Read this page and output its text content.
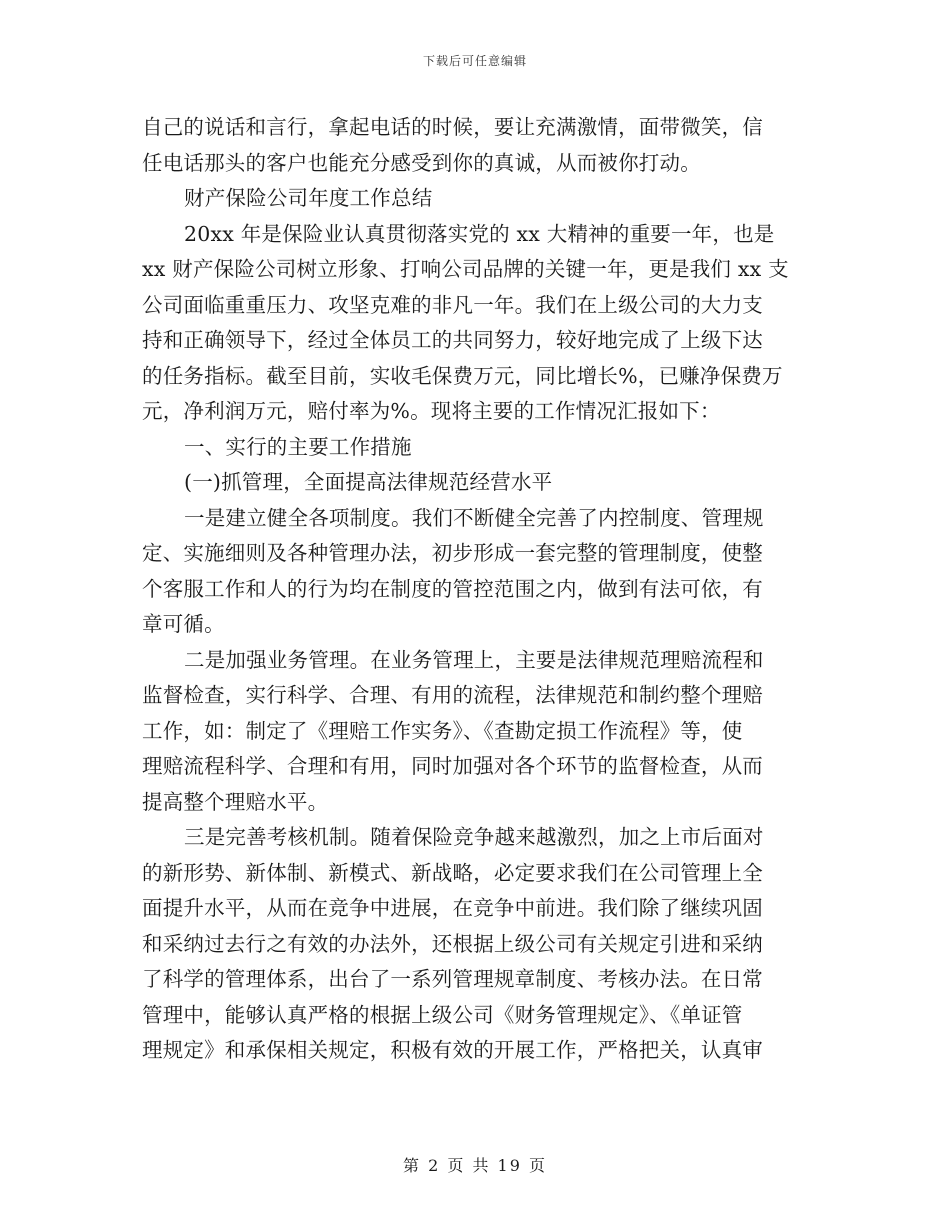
下载后可任意编辑
自己的说话和言行，拿起电话的时候，要让充满激情，面带微笑，信
任电话那头的客户也能充分感受到你的真诚，从而被你打动。
财产保险公司年度工作总结
20xx 年是保险业认真贯彻落实党的 xx 大精神的重要一年，也是
xx 财产保险公司树立形象、打响公司品牌的关键一年，更是我们 xx 支
公司面临重重压力、攻坚克难的非凡一年。我们在上级公司的大力支
持和正确领导下，经过全体员工的共同努力，较好地完成了上级下达
的任务指标。截至目前，实收毛保费万元，同比增长%，已赚净保费万
元，净利润万元，赔付率为%。现将主要的工作情况汇报如下：
一、实行的主要工作措施
(一)抓管理，全面提高法律规范经营水平
一是建立健全各项制度。我们不断健全完善了内控制度、管理规
定、实施细则及各种管理办法，初步形成一套完整的管理制度，使整
个客服工作和人的行为均在制度的管控范围之内，做到有法可依，有
章可循。
二是加强业务管理。在业务管理上，主要是法律规范理赔流程和
监督检查，实行科学、合理、有用的流程，法律规范和制约整个理赔
工作，如：制定了《理赔工作实务》、《查勘定损工作流程》等，使
理赔流程科学、合理和有用，同时加强对各个环节的监督检查，从而
提高整个理赔水平。
三是完善考核机制。随着保险竞争越来越激烈，加之上市后面对
的新形势、新体制、新模式、新战略，必定要求我们在公司管理上全
面提升水平，从而在竞争中进展，在竞争中前进。我们除了继续巩固
和采纳过去行之有效的办法外，还根据上级公司有关规定引进和采纳
了科学的管理体系，出台了一系列管理规章制度、考核办法。在日常
管理中，能够认真严格的根据上级公司《财务管理规定》、《单证管
理规定》和承保相关规定，积极有效的开展工作，严格把关，认真审
第 2 页 共 19 页
